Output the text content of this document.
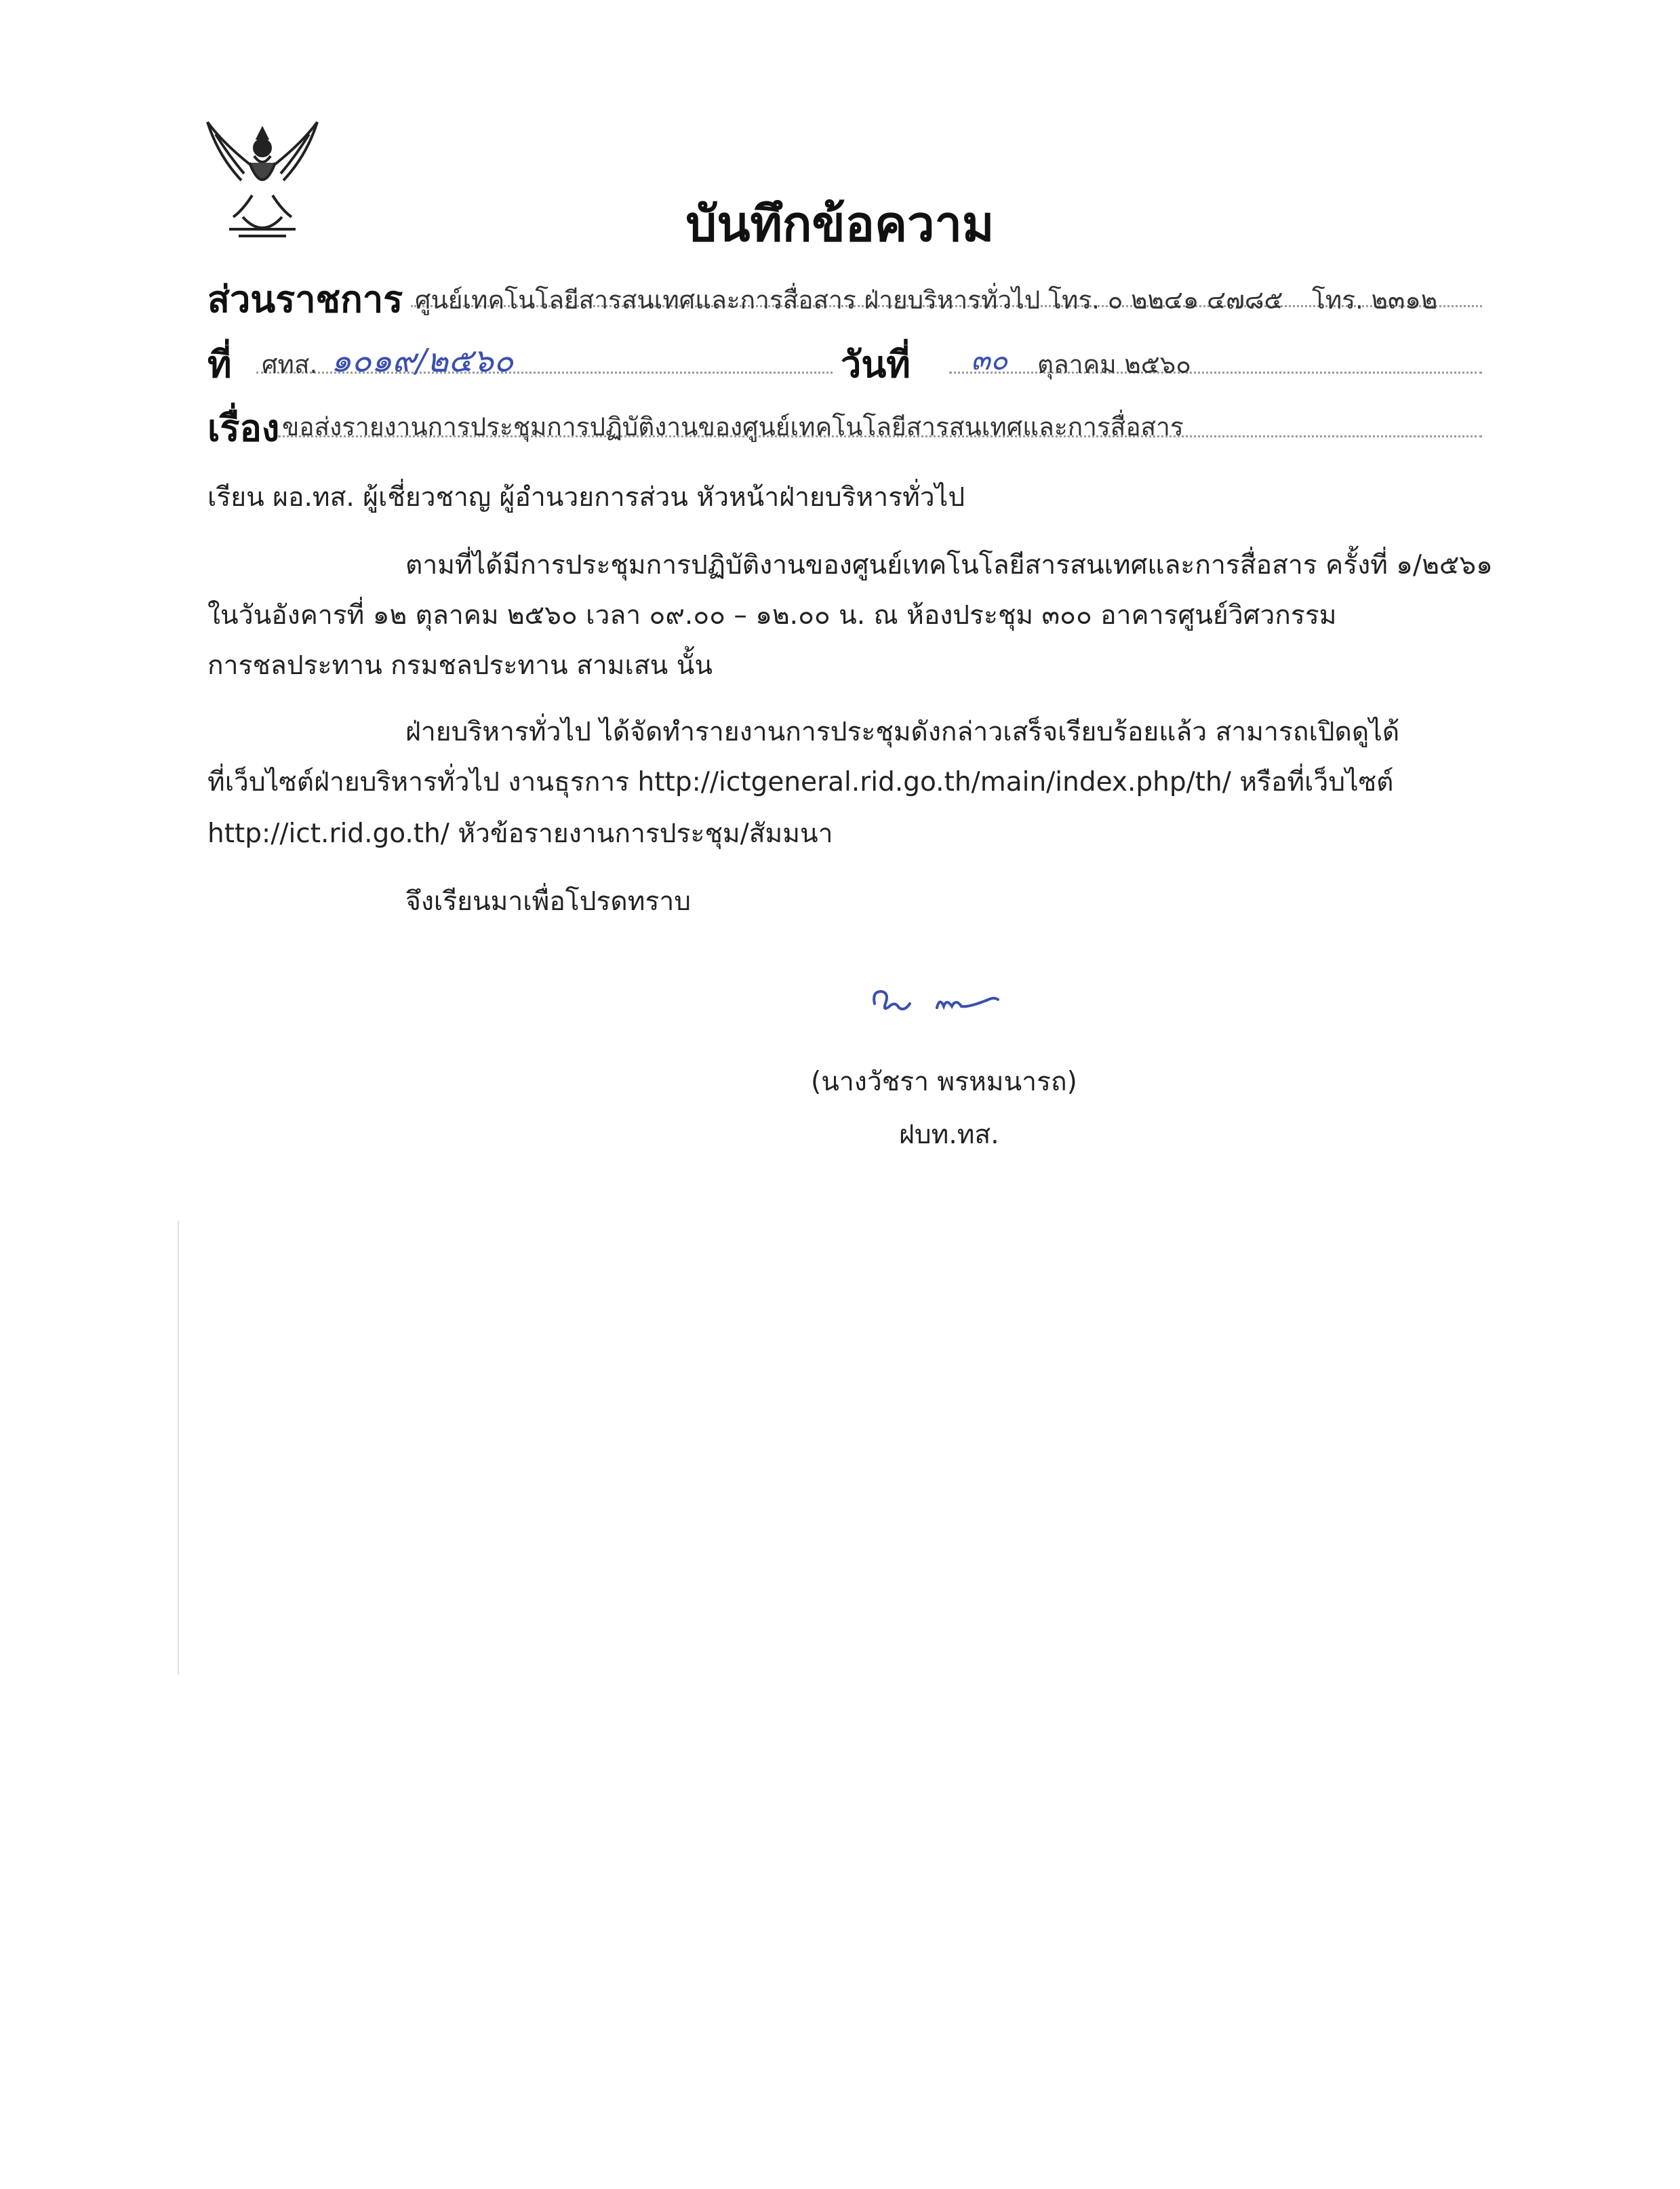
บันทึกข้อความ
ส่วนราชการ ศูนย์เทคโนโลยีสารสนเทศและการสื่อสาร ฝ่ายบริหารทั่วไป โทร. ๐ ๒๒๔๑ ๔๗๘๕ โทร. ๒๓๑๒
ที่ ศทส. ๑๐๑๙/๒๕๖๐	วันที่ ๓๐ ตุลาคม ๒๕๖๐
เรื่อง ขอส่งรายงานการประชุมการปฏิบัติงานของศูนย์เทคโนโลยีสารสนเทศและการสื่อสาร
เรียน ผอ.ทส. ผู้เชี่ยวชาญ ผู้อำนวยการส่วน หัวหน้าฝ่ายบริหารทั่วไป
ตามที่ได้มีการประชุมการปฏิบัติงานของศูนย์เทคโนโลยีสารสนเทศและการสื่อสาร ครั้งที่ ๑/๒๕๖๑
ในวันอังคารที่ ๑๒ ตุลาคม ๒๕๖๐ เวลา ๐๙.๐๐ – ๑๒.๐๐ น. ณ ห้องประชุม ๓๐๐ อาคารศูนย์วิศวกรรม
การชลประทาน กรมชลประทาน สามเสน นั้น
ฝ่ายบริหารทั่วไป ได้จัดทำรายงานการประชุมดังกล่าวเสร็จเรียบร้อยแล้ว สามารถเปิดดูได้
ที่เว็บไซต์ฝ่ายบริหารทั่วไป งานธุรการ http://ictgeneral.rid.go.th/main/index.php/th/ หรือที่เว็บไซต์
http://ict.rid.go.th/ หัวข้อรายงานการประชุม/สัมมนา
จึงเรียนมาเพื่อโปรดทราบ
(นางวัชรา พรหมนารถ)
ฝบท.ทส.
